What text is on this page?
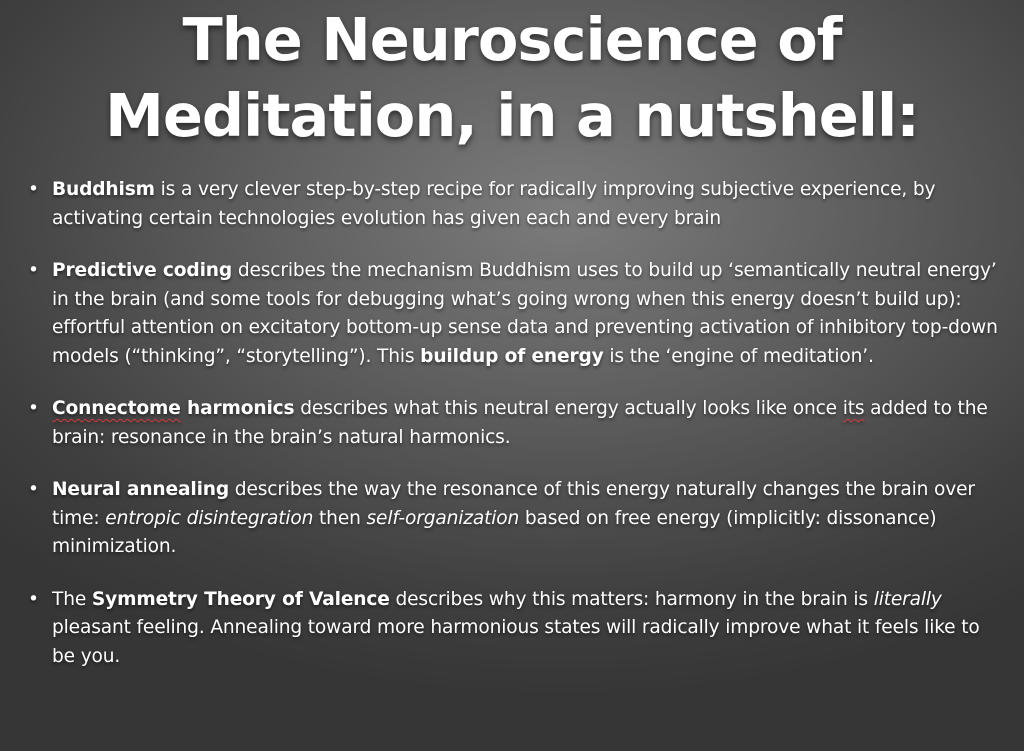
The Neuroscience of
Meditation, in a nutshell:
• Buddhism is a very clever step-by-step recipe for radically improving subjective experience, by activating certain technologies evolution has given each and every brain
• Predictive coding describes the mechanism Buddhism uses to build up ‘semantically neutral energy’ in the brain (and some tools for debugging what’s going wrong when this energy doesn’t build up): effortful attention on excitatory bottom-up sense data and preventing activation of inhibitory top-down models (“thinking”, “storytelling”). This buildup of energy is the ‘engine of meditation’.
• Connectome harmonics describes what this neutral energy actually looks like once its added to the brain: resonance in the brain’s natural harmonics.
• Neural annealing describes the way the resonance of this energy naturally changes the brain over time: entropic disintegration then self-organization based on free energy (implicitly: dissonance) minimization.
• The Symmetry Theory of Valence describes why this matters: harmony in the brain is literally pleasant feeling. Annealing toward more harmonious states will radically improve what it feels like to be you.
